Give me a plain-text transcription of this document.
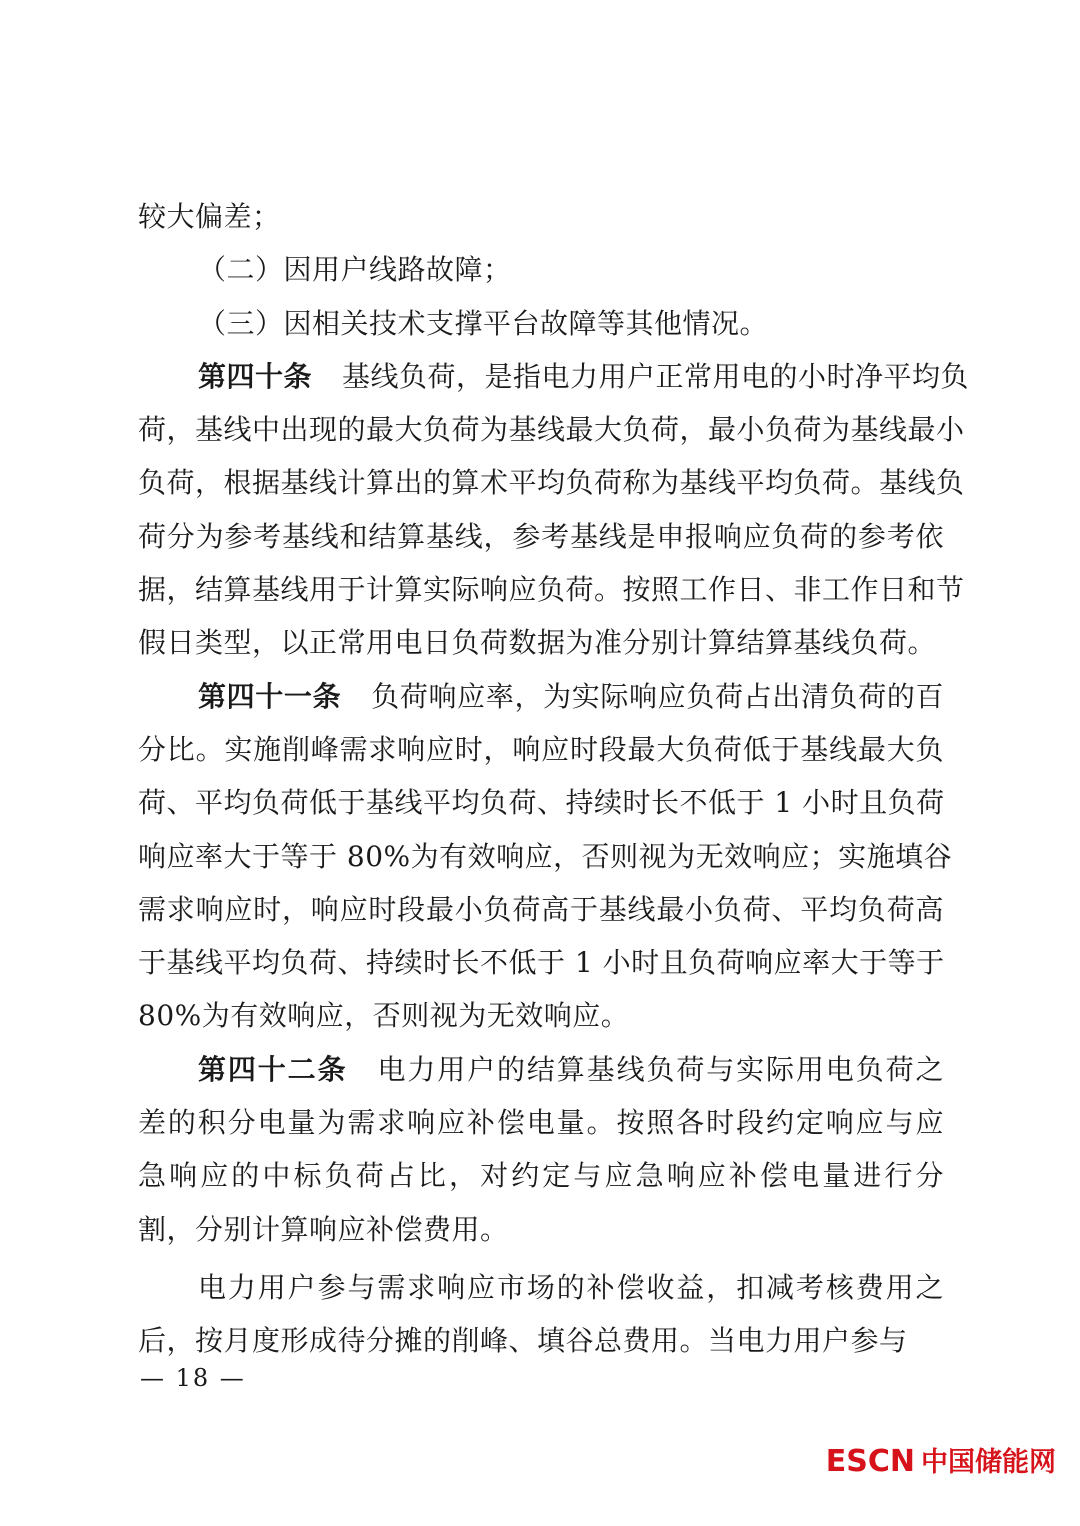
较大偏差；
（二）因用户线路故障；
（三）因相关技术支撑平台故障等其他情况。
第四十条 基线负荷，是指电力用户正常用电的小时净平均负
荷，基线中出现的最大负荷为基线最大负荷，最小负荷为基线最小
负荷，根据基线计算出的算术平均负荷称为基线平均负荷。基线负
荷分为参考基线和结算基线，参考基线是申报响应负荷的参考依
据，结算基线用于计算实际响应负荷。按照工作日、非工作日和节
假日类型，以正常用电日负荷数据为准分别计算结算基线负荷。
第四十一条 负荷响应率，为实际响应负荷占出清负荷的百
分比。实施削峰需求响应时，响应时段最大负荷低于基线最大负
荷、平均负荷低于基线平均负荷、持续时长不低于 1 小时且负荷
响应率大于等于 80%为有效响应，否则视为无效响应；实施填谷
需求响应时，响应时段最小负荷高于基线最小负荷、平均负荷高
于基线平均负荷、持续时长不低于 1 小时且负荷响应率大于等于
80%为有效响应，否则视为无效响应。
第四十二条 电力用户的结算基线负荷与实际用电负荷之
差的积分电量为需求响应补偿电量。按照各时段约定响应与应
急响应的中标负荷占比，对约定与应急响应补偿电量进行分
割，分别计算响应补偿费用。
电力用户参与需求响应市场的补偿收益，扣减考核费用之
后，按月度形成待分摊的削峰、填谷总费用。当电力用户参与
— 18 —
ESCN 中国储能网
